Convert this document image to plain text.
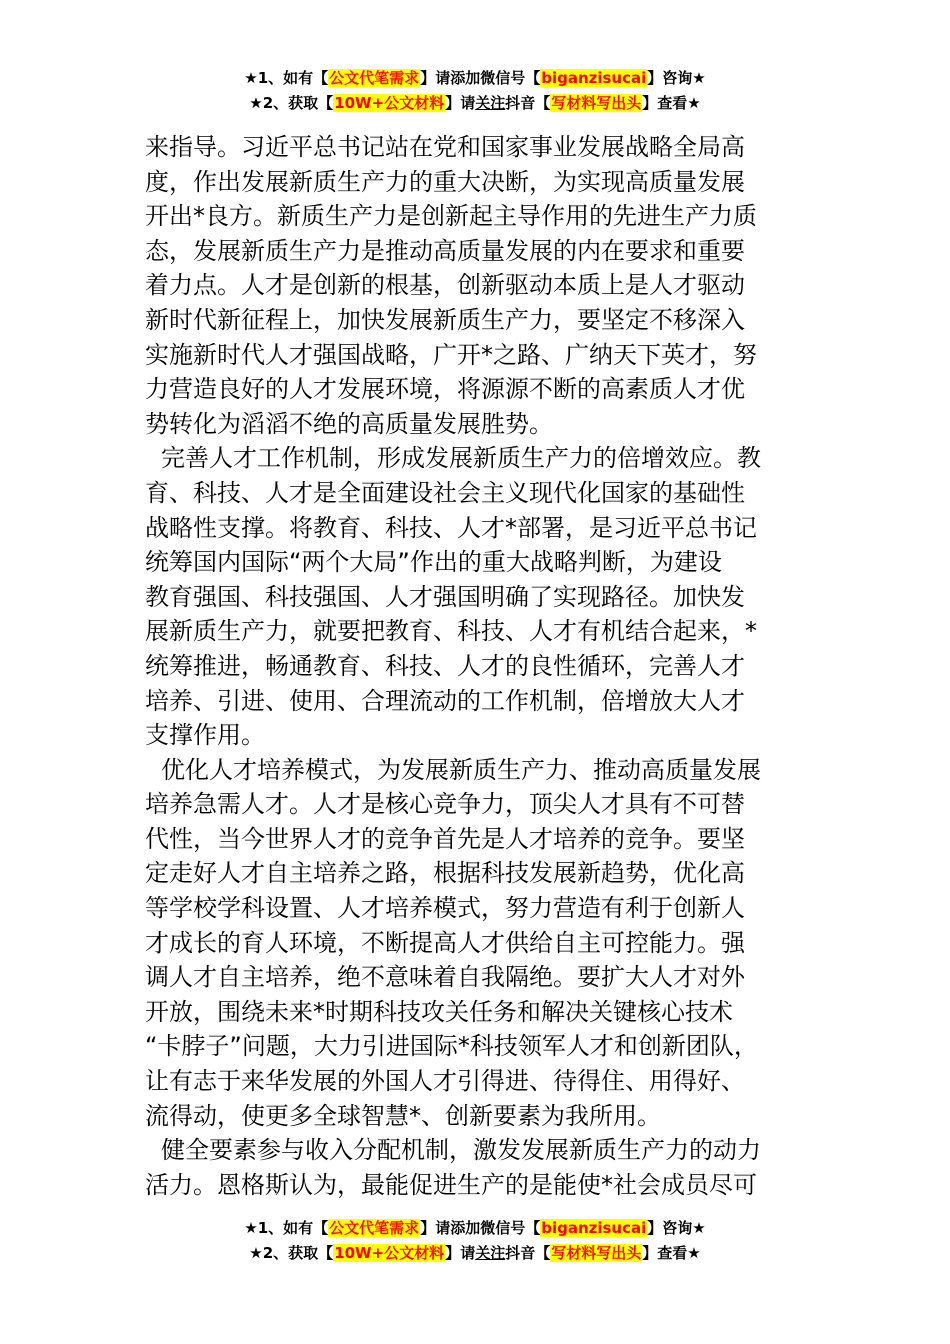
★1、如有【公文代笔需求】请添加微信号【biganzisucai】咨询★
★2、获取【10W+公文材料】请关注抖音【写材料写出头】查看★

来指导。习近平总书记站在党和国家事业发展战略全局高
度，作出发展新质生产力的重大决断，为实现高质量发展
开出*良方。新质生产力是创新起主导作用的先进生产力质
态，发展新质生产力是推动高质量发展的内在要求和重要
着力点。人才是创新的根基，创新驱动本质上是人才驱动
新时代新征程上，加快发展新质生产力，要坚定不移深入
实施新时代人才强国战略，广开*之路、广纳天下英才，努
力营造良好的人才发展环境，将源源不断的高素质人才优
势转化为滔滔不绝的高质量发展胜势。

完善人才工作机制，形成发展新质生产力的倍增效应。教
育、科技、人才是全面建设社会主义现代化国家的基础性
战略性支撑。将教育、科技、人才*部署，是习近平总书记
统筹国内国际“两个大局”作出的重大战略判断，为建设
教育强国、科技强国、人才强国明确了实现路径。加快发
展新质生产力，就要把教育、科技、人才有机结合起来，*
统筹推进，畅通教育、科技、人才的良性循环，完善人才
培养、引进、使用、合理流动的工作机制，倍增放大人才
支撑作用。

优化人才培养模式，为发展新质生产力、推动高质量发展
培养急需人才。人才是核心竞争力，顶尖人才具有不可替
代性，当今世界人才的竞争首先是人才培养的竞争。要坚
定走好人才自主培养之路，根据科技发展新趋势，优化高
等学校学科设置、人才培养模式，努力营造有利于创新人
才成长的育人环境，不断提高人才供给自主可控能力。强
调人才自主培养，绝不意味着自我隔绝。要扩大人才对外
开放，围绕未来*时期科技攻关任务和解决关键核心技术
“卡脖子”问题，大力引进国际*科技领军人才和创新团队，
让有志于来华发展的外国人才引得进、待得住、用得好、
流得动，使更多全球智慧*、创新要素为我所用。

健全要素参与收入分配机制，激发发展新质生产力的动力
活力。恩格斯认为，最能促进生产的是能使*社会成员尽可

★1、如有【公文代笔需求】请添加微信号【biganzisucai】咨询★
★2、获取【10W+公文材料】请关注抖音【写材料写出头】查看★
